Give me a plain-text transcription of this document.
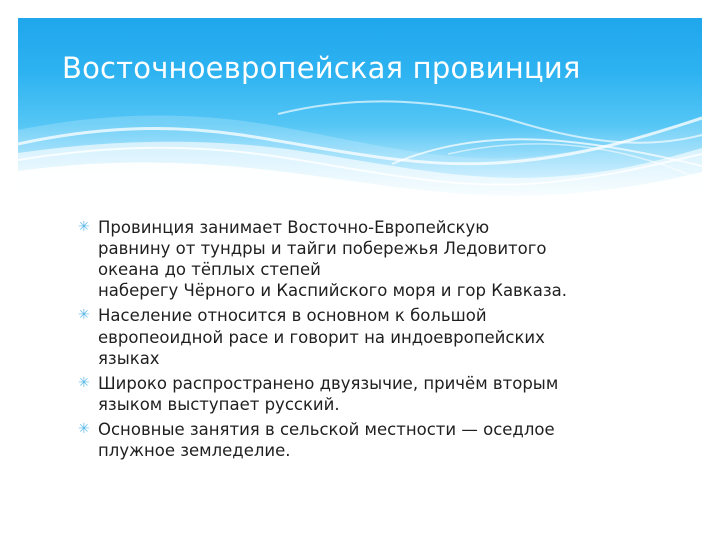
Восточноевропейская провинция
✳ Провинция занимает Восточно-Европейскую
равнину от тундры и тайги побережья Ледовитого
океана до тёплых степей
наберегу Чёрного и Каспийского моря и гор Кавказа.
✳ Население относится в основном к большой
европеоидной расе и говорит на индоевропейских
языках
✳ Широко распространено двуязычие, причём вторым
языком выступает русский.
✳ Основные занятия в сельской местности — оседлое
плужное земледелие.
